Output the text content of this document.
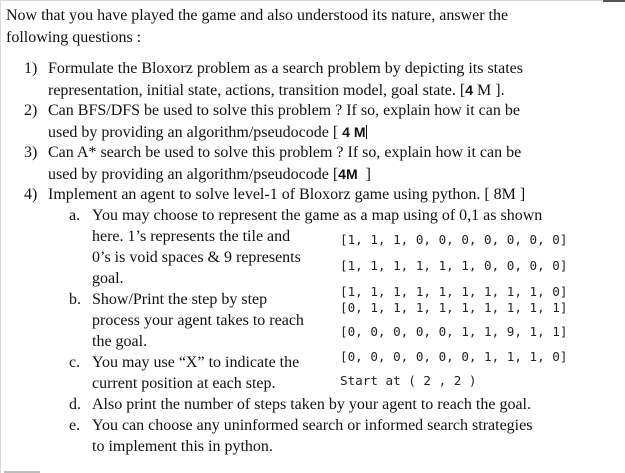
Now that you have played the game and also understood its nature, answer the
following questions :
1) Formulate the Bloxorz problem as a search problem by depicting its states
representation, initial state, actions, transition model, goal state. [4 M ].
2) Can BFS/DFS be used to solve this problem ? If so, explain how it can be
used by providing an algorithm/pseudocode [ 4 M
3) Can A* search be used to solve this problem ? If so, explain how it can be
used by providing an algorithm/pseudocode [4M  ]
4) Implement an agent to solve level-1 of Bloxorz game using python. [ 8M ]
a. You may choose to represent the game as a map using of 0,1 as shown
here. 1’s represents the tile and
0’s is void spaces & 9 represents
goal.
b. Show/Print the step by step
process your agent takes to reach
the goal.
c. You may use “X” to indicate the
current position at each step.
d. Also print the number of steps taken by your agent to reach the goal.
e. You can choose any uninformed search or informed search strategies
to implement this in python.
[1, 1, 1, 0, 0, 0, 0, 0, 0, 0]
[1, 1, 1, 1, 1, 1, 0, 0, 0, 0]
[1, 1, 1, 1, 1, 1, 1, 1, 1, 0]
[0, 1, 1, 1, 1, 1, 1, 1, 1, 1]
[0, 0, 0, 0, 0, 1, 1, 9, 1, 1]
[0, 0, 0, 0, 0, 0, 1, 1, 1, 0]
Start at ( 2 , 2 )
